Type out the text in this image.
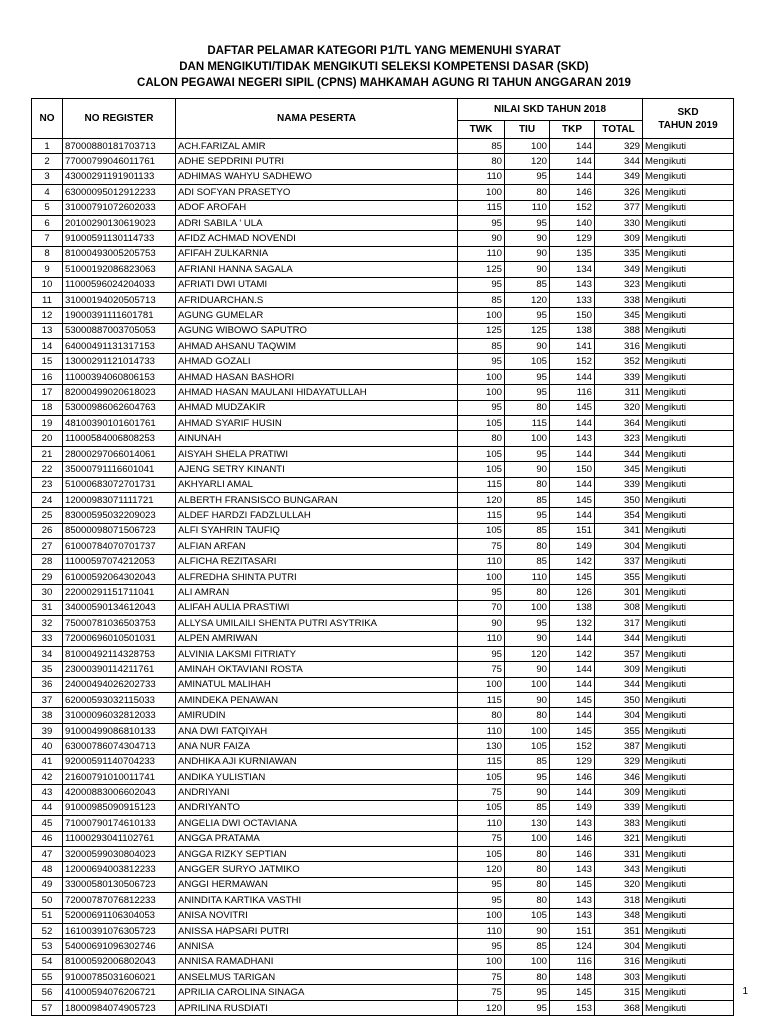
DAFTAR PELAMAR KATEGORI P1/TL YANG MEMENUHI SYARAT
DAN MENGIKUTI/TIDAK MENGIKUTI SELEKSI KOMPETENSI DASAR (SKD)
CALON PEGAWAI NEGERI SIPIL (CPNS) MAHKAMAH AGUNG RI TAHUN ANGGARAN 2019
NO	NO REGISTER	NAMA PESERTA	NILAI SKD TAHUN 2018				SKD
TAHUN 2019

			TWK	TIU	TKP	TOTAL	
1	87000880181703713	ACH.FARIZAL AMIR	85	100	144	329	Mengikuti
2	77000799046011761	ADHE SEPDRINI PUTRI	80	120	144	344	Mengikuti
3	43000291191901133	ADHIMAS WAHYU SADHEWO	110	95	144	349	Mengikuti
4	63000095012912233	ADI SOFYAN PRASETYO	100	80	146	326	Mengikuti
5	31000791072602033	ADOF AROFAH	115	110	152	377	Mengikuti
6	20100290130619023	ADRI SABILA ' ULA	95	95	140	330	Mengikuti
7	91000591130114733	AFIDZ ACHMAD NOVENDI	90	90	129	309	Mengikuti
8	81000493005205753	AFIFAH ZULKARNIA	110	90	135	335	Mengikuti
9	51000192086823063	AFRIANI HANNA SAGALA	125	90	134	349	Mengikuti
10	11000596024204033	AFRIATI DWI UTAMI	95	85	143	323	Mengikuti
11	31000194020505713	AFRIDUARCHAN.S	85	120	133	338	Mengikuti
12	19000391111601781	AGUNG GUMELAR	100	95	150	345	Mengikuti
13	53000887003705053	AGUNG WIBOWO SAPUTRO	125	125	138	388	Mengikuti
14	64000491131317153	AHMAD AHSANU TAQWIM	85	90	141	316	Mengikuti
15	13000291121014733	AHMAD GOZALI	95	105	152	352	Mengikuti
16	11000394060806153	AHMAD HASAN BASHORI	100	95	144	339	Mengikuti
17	82000499020618023	AHMAD HASAN MAULANI HIDAYATULLAH	100	95	116	311	Mengikuti
18	53000986062604763	AHMAD MUDZAKIR	95	80	145	320	Mengikuti
19	48100390101601761	AHMAD SYARIF HUSIN	105	115	144	364	Mengikuti
20	11000584006808253	AINUNAH	80	100	143	323	Mengikuti
21	28000297066014061	AISYAH SHELA PRATIWI	105	95	144	344	Mengikuti
22	35000791116601041	AJENG SETRY KINANTI	105	90	150	345	Mengikuti
23	51000683072701731	AKHYARLI AMAL	115	80	144	339	Mengikuti
24	12000983071111721	ALBERTH FRANSISCO BUNGARAN	120	85	145	350	Mengikuti
25	83000595032209023	ALDEF HARDZI FADZLULLAH	115	95	144	354	Mengikuti
26	85000098071506723	ALFI SYAHRIN TAUFIQ	105	85	151	341	Mengikuti
27	61000784070701737	ALFIAN ARFAN	75	80	149	304	Mengikuti
28	11000597074212053	ALFICHA REZITASARI	110	85	142	337	Mengikuti
29	61000592064302043	ALFREDHA SHINTA PUTRI	100	110	145	355	Mengikuti
30	22000291151711041	ALI AMRAN	95	80	126	301	Mengikuti
31	34000590134612043	ALIFAH AULIA PRASTIWI	70	100	138	308	Mengikuti
32	75000781036503753	ALLYSA UMILAILI SHENTA PUTRI ASYTRIKA	90	95	132	317	Mengikuti
33	72000696010501031	ALPEN AMRIWAN	110	90	144	344	Mengikuti
34	81000492114328753	ALVINIA LAKSMI FITRIATY	95	120	142	357	Mengikuti
35	23000390114211761	AMINAH OKTAVIANI ROSTA	75	90	144	309	Mengikuti
36	24000494026202733	AMINATUL MALIHAH	100	100	144	344	Mengikuti
37	62000593032115033	AMINDEKA PENAWAN	115	90	145	350	Mengikuti
38	31000096032812033	AMIRUDIN	80	80	144	304	Mengikuti
39	91000499086810133	ANA DWI FATQIYAH	110	100	145	355	Mengikuti
40	63000786074304713	ANA NUR FAIZA	130	105	152	387	Mengikuti
41	92000591140704233	ANDHIKA AJI KURNIAWAN	115	85	129	329	Mengikuti
42	21600791010011741	ANDIKA YULISTIAN	105	95	146	346	Mengikuti
43	42000883006602043	ANDRIYANI	75	90	144	309	Mengikuti
44	91000985090915123	ANDRIYANTO	105	85	149	339	Mengikuti
45	71000790174610133	ANGELIA DWI OCTAVIANA	110	130	143	383	Mengikuti
46	11000293041102761	ANGGA PRATAMA	75	100	146	321	Mengikuti
47	32000599030804023	ANGGA RIZKY SEPTIAN	105	80	146	331	Mengikuti
48	12000694003812233	ANGGER SURYO JATMIKO	120	80	143	343	Mengikuti
49	33000580130506723	ANGGI HERMAWAN	95	80	145	320	Mengikuti
50	72000787076812233	ANINDITA KARTIKA VASTHI	95	80	143	318	Mengikuti
51	52000691106304053	ANISA NOVITRI	100	105	143	348	Mengikuti
52	16100391076305723	ANISSA HAPSARI PUTRI	110	90	151	351	Mengikuti
53	54000691096302746	ANNISA	95	85	124	304	Mengikuti
54	81000592006802043	ANNISA RAMADHANI	100	100	116	316	Mengikuti
55	91000785031606021	ANSELMUS TARIGAN	75	80	148	303	Mengikuti
56	41000594076206721	APRILIA CAROLINA SINAGA	75	95	145	315	Mengikuti
57	18000984074905723	APRILINA RUSDIATI	120	95	153	368	Mengikuti
1
